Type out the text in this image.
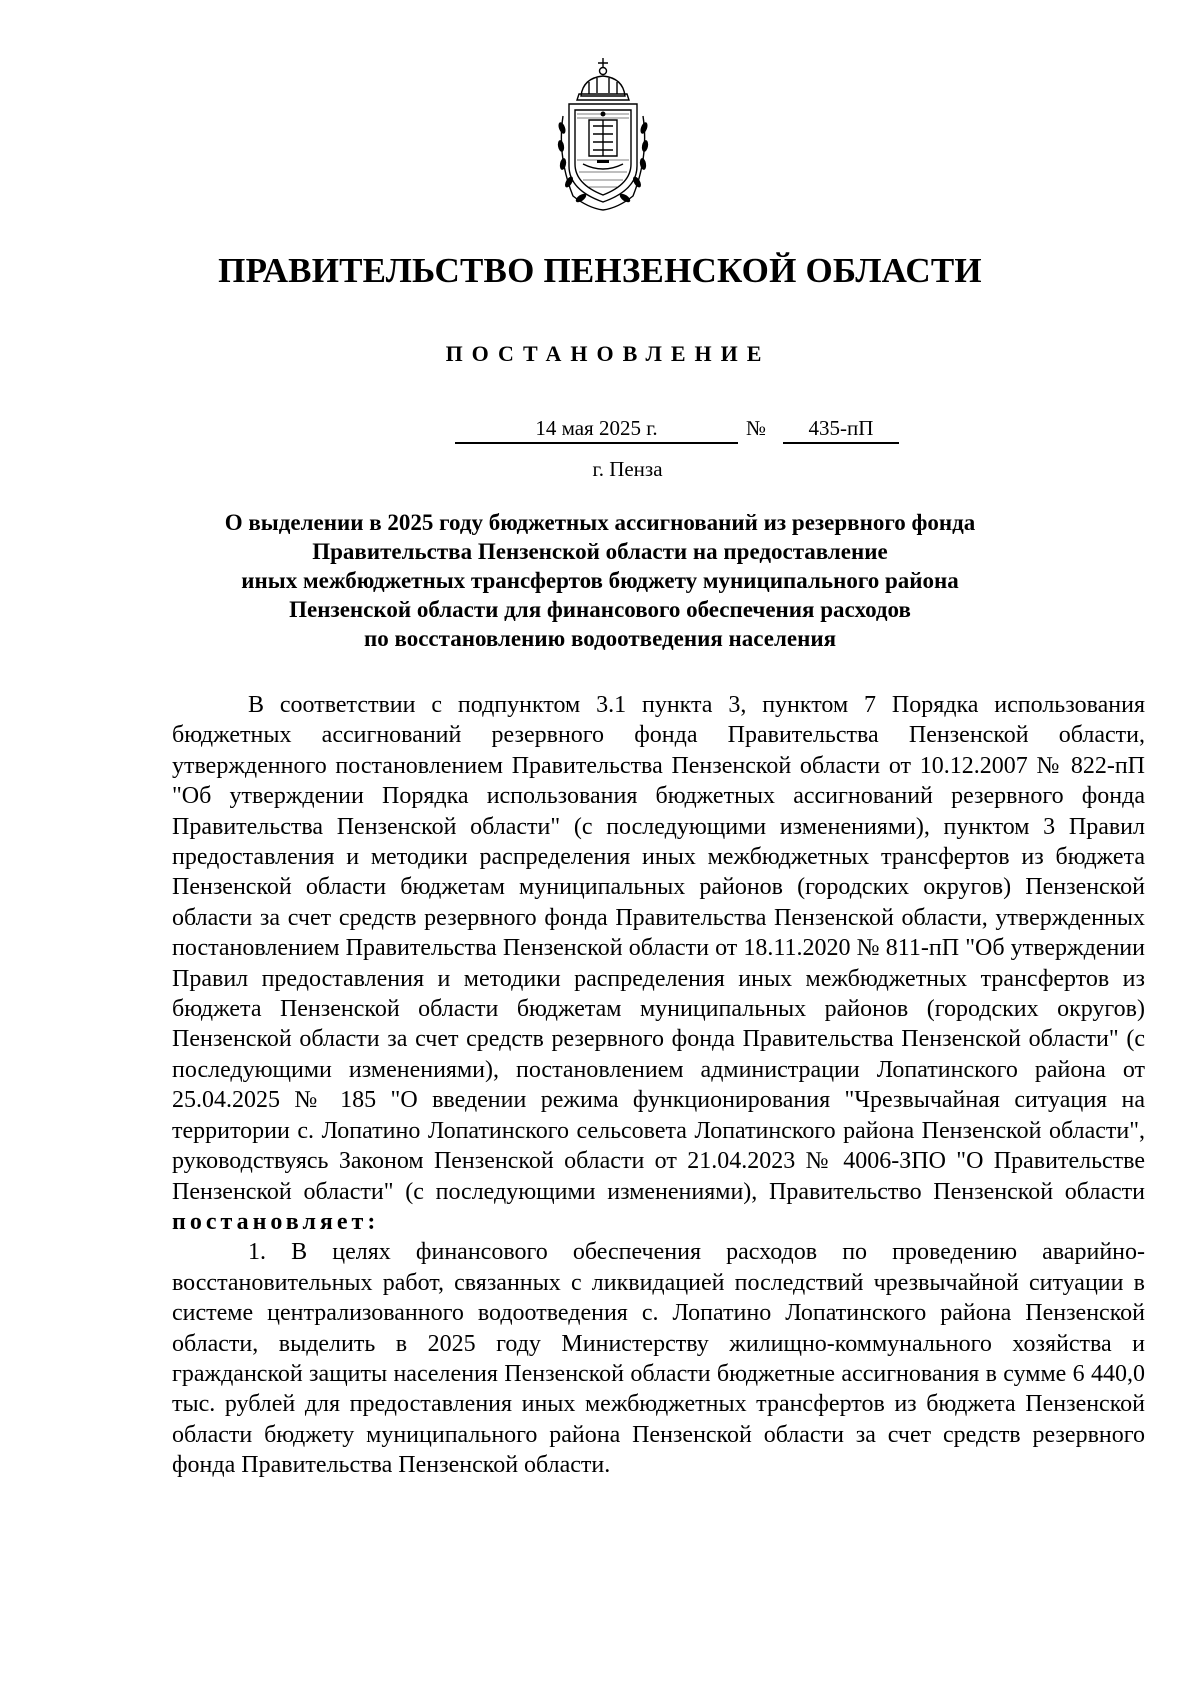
ПРАВИТЕЛЬСТВО ПЕНЗЕНСКОЙ ОБЛАСТИ
ПОСТАНОВЛЕНИЕ
14 мая 2025 г.	№	435-пП
г. Пенза
О выделении в 2025 году бюджетных ассигнований из резервного фонда
Правительства Пензенской области на предоставление
иных межбюджетных трансфертов бюджету муниципального района
Пензенской области для финансового обеспечения расходов
по восстановлению водоотведения населения

В соответствии с подпунктом 3.1 пункта 3, пунктом 7 Порядка использования бюджетных ассигнований резервного фонда Правительства Пензенской области, утвержденного постановлением Правительства Пензенской области от 10.12.2007 № 822-пП "Об утверждении Порядка использования бюджетных ассигнований резервного фонда Правительства Пензенской области" (с последующими изменениями), пунктом 3 Правил предоставления и методики распределения иных межбюджетных трансфертов из бюджета Пензенской области бюджетам муниципальных районов (городских округов) Пензенской области за счет средств резервного фонда Правительства Пензенской области, утвержденных постановлением Правительства Пензенской области от 18.11.2020 № 811-пП "Об утверждении Правил предоставления и методики распределения иных межбюджетных трансфертов из бюджета Пензенской области бюджетам муниципальных районов (городских округов) Пензенской области за счет средств резервного фонда Правительства Пензенской области" (с последующими изменениями), постановлением администрации Лопатинского района от 25.04.2025 № 185 "О введении режима функционирования "Чрезвычайная ситуация на территории с. Лопатино Лопатинского сельсовета Лопатинского района Пензенской области", руководствуясь Законом Пензенской области от 21.04.2023 № 4006-ЗПО "О Правительстве Пензенской области" (с последующими изменениями), Правительство Пензенской области постановляет:

1. В целях финансового обеспечения расходов по проведению аварийно-восстановительных работ, связанных с ликвидацией последствий чрезвычайной ситуации в системе централизованного водоотведения с. Лопатино Лопатинского района Пензенской области, выделить в 2025 году Министерству жилищно-коммунального хозяйства и гражданской защиты населения Пензенской области бюджетные ассигнования в сумме 6 440,0 тыс. рублей для предоставления иных межбюджетных трансфертов из бюджета Пензенской области бюджету муниципального района Пензенской области за счет средств резервного фонда Правительства Пензенской области.
